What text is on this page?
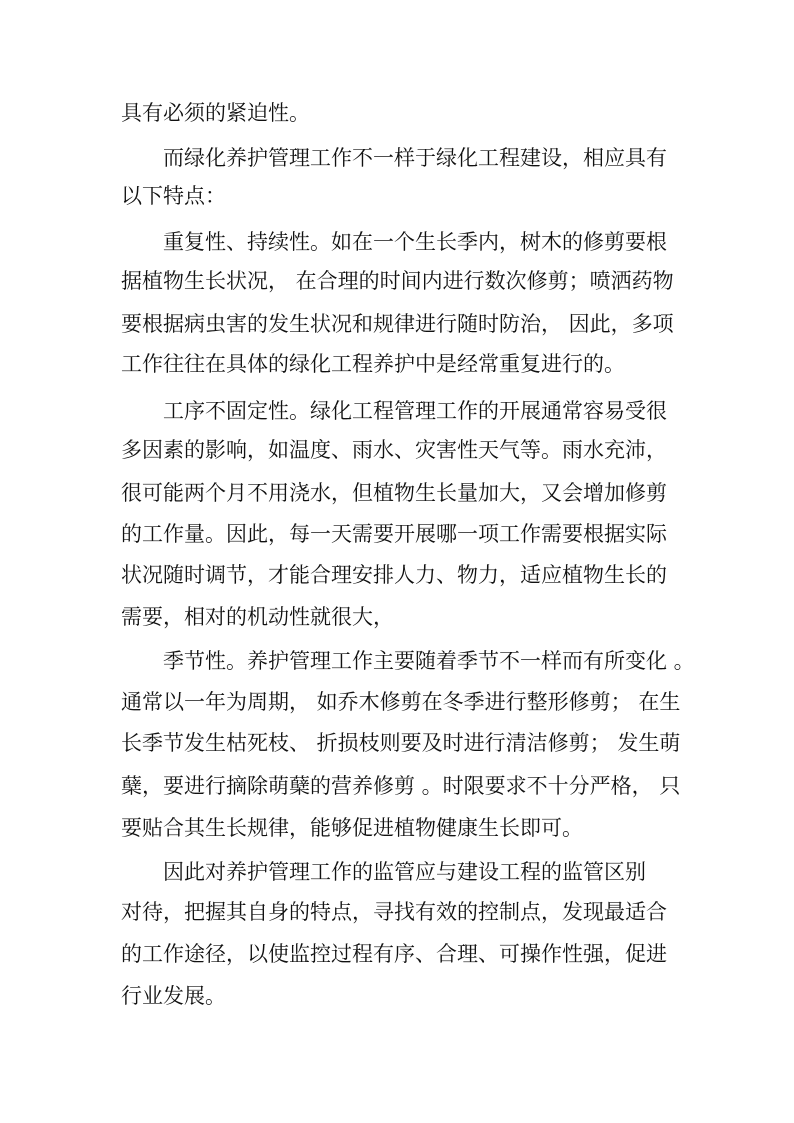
具有必须的紧迫性。
而绿化养护管理工作不一样于绿化工程建设，相应具有
以下特点：
重复性、持续性。如在一个生长季内，树木的修剪要根
据植物生长状况， 在合理的时间内进行数次修剪；喷洒药物
要根据病虫害的发生状况和规律进行随时防治， 因此，多项
工作往往在具体的绿化工程养护中是经常重复进行的。
工序不固定性。绿化工程管理工作的开展通常容易受很
多因素的影响，如温度、雨水、灾害性天气等。雨水充沛，
很可能两个月不用浇水，但植物生长量加大，又会增加修剪
的工作量。因此，每一天需要开展哪一项工作需要根据实际
状况随时调节，才能合理安排人力、物力，适应植物生长的
需要，相对的机动性就很大，
季节性。养护管理工作主要随着季节不一样而有所变化 。
通常以一年为周期， 如乔木修剪在冬季进行整形修剪； 在生
长季节发生枯死枝、 折损枝则要及时进行清洁修剪； 发生萌
蘖，要进行摘除萌蘖的营养修剪 。时限要求不十分严格， 只
要贴合其生长规律，能够促进植物健康生长即可。
因此对养护管理工作的监管应与建设工程的监管区别
对待，把握其自身的特点，寻找有效的控制点，发现最适合
的工作途径，以使监控过程有序、合理、可操作性强，促进
行业发展。
